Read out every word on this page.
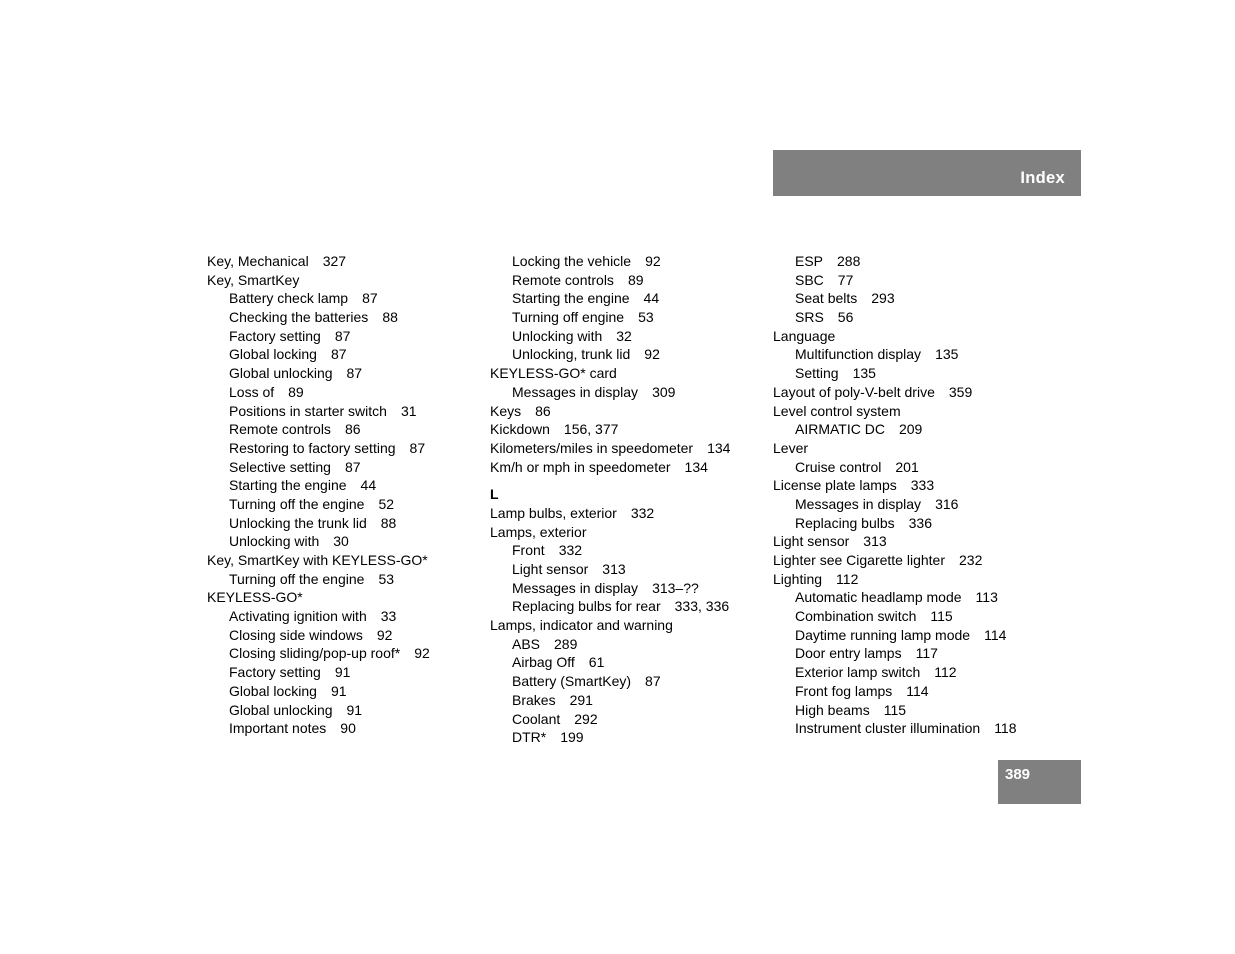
Index
Key, Mechanical 327
Key, SmartKey
Battery check lamp 87
Checking the batteries 88
Factory setting 87
Global locking 87
Global unlocking 87
Loss of 89
Positions in starter switch 31
Remote controls 86
Restoring to factory setting 87
Selective setting 87
Starting the engine 44
Turning off the engine 52
Unlocking the trunk lid 88
Unlocking with 30
Key, SmartKey with KEYLESS-GO*
Turning off the engine 53
KEYLESS-GO*
Activating ignition with 33
Closing side windows 92
Closing sliding/pop-up roof* 92
Factory setting 91
Global locking 91
Global unlocking 91
Important notes 90
Locking the vehicle 92
Remote controls 89
Starting the engine 44
Turning off engine 53
Unlocking with 32
Unlocking, trunk lid 92
KEYLESS-GO* card
Messages in display 309
Keys 86
Kickdown 156, 377
Kilometers/miles in speedometer 134
Km/h or mph in speedometer 134
L
Lamp bulbs, exterior 332
Lamps, exterior
Front 332
Light sensor 313
Messages in display 313–??
Replacing bulbs for rear 333, 336
Lamps, indicator and warning
ABS 289
Airbag Off 61
Battery (SmartKey) 87
Brakes 291
Coolant 292
DTR* 199
ESP 288
SBC 77
Seat belts 293
SRS 56
Language
Multifunction display 135
Setting 135
Layout of poly-V-belt drive 359
Level control system
AIRMATIC DC 209
Lever
Cruise control 201
License plate lamps 333
Messages in display 316
Replacing bulbs 336
Light sensor 313
Lighter see Cigarette lighter 232
Lighting 112
Automatic headlamp mode 113
Combination switch 115
Daytime running lamp mode 114
Door entry lamps 117
Exterior lamp switch 112
Front fog lamps 114
High beams 115
Instrument cluster illumination 118
389
